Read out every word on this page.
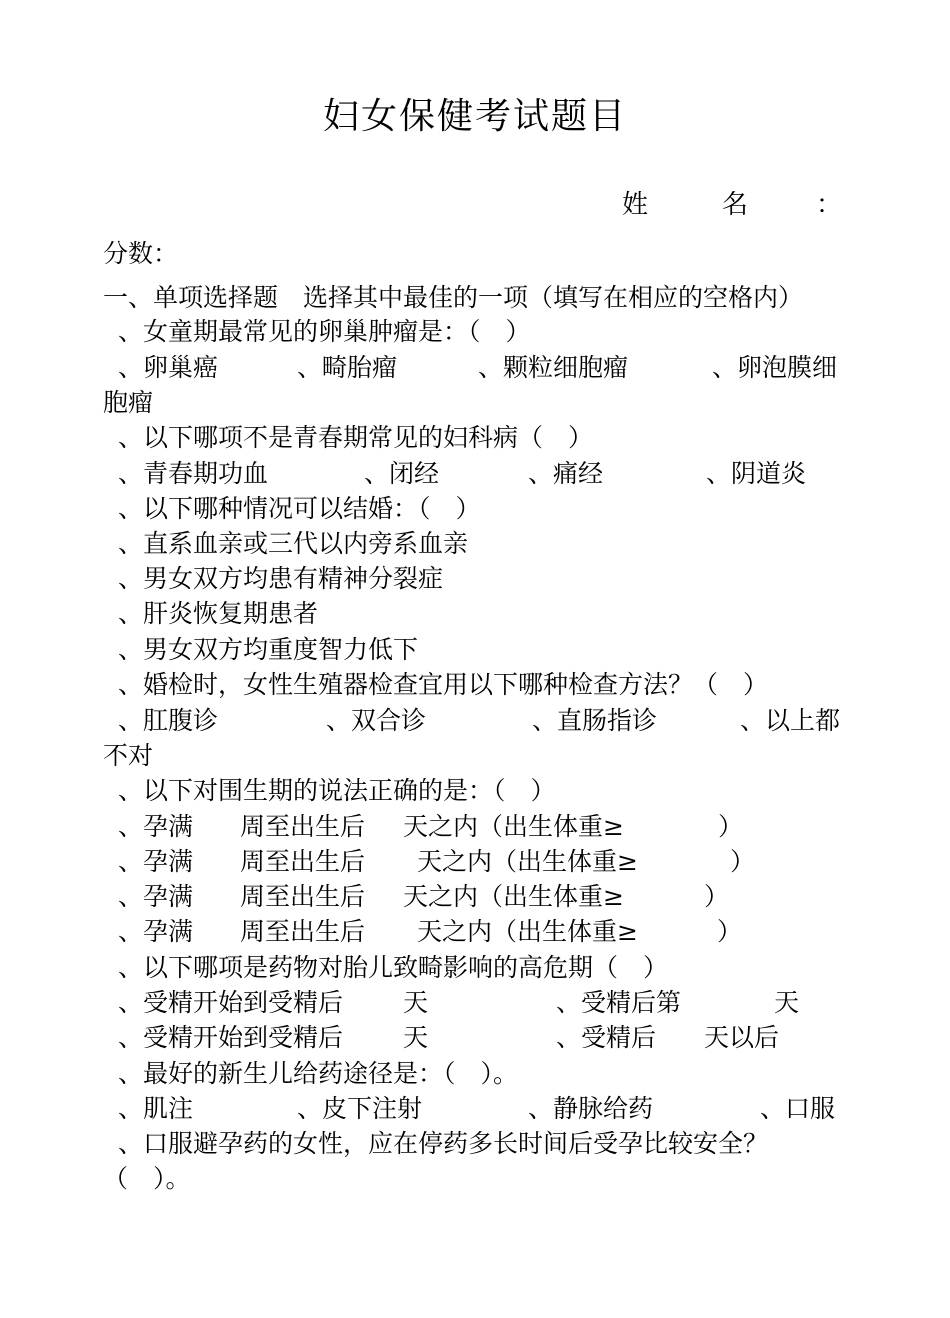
妇女保健考试题目
姓	名	：
分数：
一、单项选择题　选择其中最佳的一项（填写在相应的空格内）
、女童期最常见的卵巢肿瘤是：（　）
、卵巢癌	、畸胎瘤	、颗粒细胞瘤	、卵泡膜细
胞瘤
、以下哪项不是青春期常见的妇科病（　）
、青春期功血	、闭经	、痛经	、阴道炎
、以下哪种情况可以结婚：（　）
、直系血亲或三代以内旁系血亲
、男女双方均患有精神分裂症
、肝炎恢复期患者
、男女双方均重度智力低下
、婚检时，女性生殖器检查宜用以下哪种检查方法？（　）
、肛腹诊	、双合诊	、直肠指诊	、以上都
不对
、以下对围生期的说法正确的是：（　）
、孕满 周至出生后 天之内（出生体重≥	）
、孕满 周至出生后 天之内（出生体重≥	）
、孕满 周至出生后 天之内（出生体重≥	）
、孕满 周至出生后 天之内（出生体重≥	）
、以下哪项是药物对胎儿致畸影响的高危期（　）
、受精开始到受精后 天	、受精后第	天
、受精开始到受精后 天	、受精后 天以后
、最好的新生儿给药途径是：（　）。
、肌注	、皮下注射	、静脉给药	、口服
、口服避孕药的女性，应在停药多长时间后受孕比较安全？
（　）。
